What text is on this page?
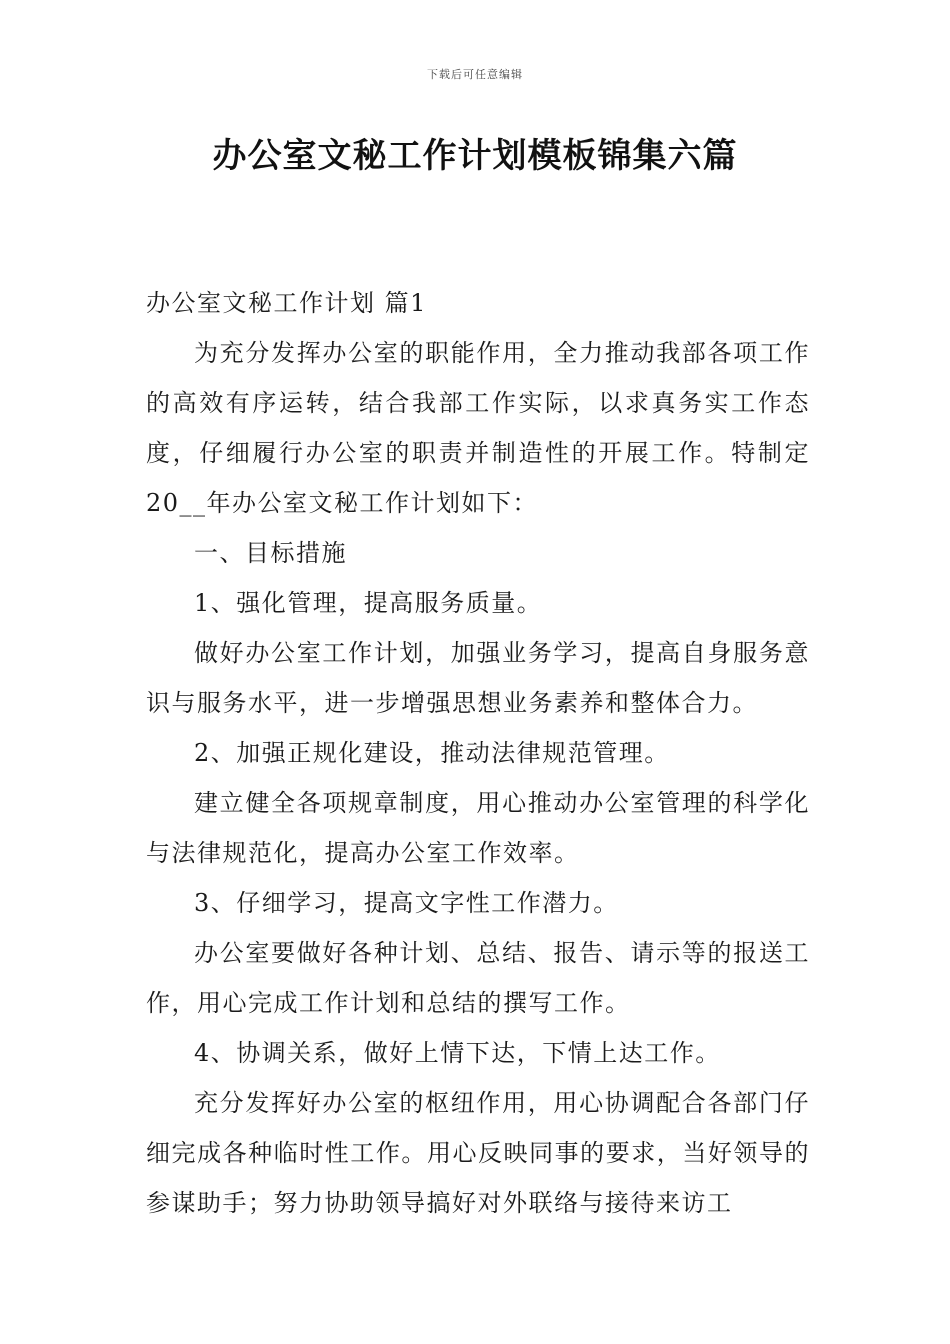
下载后可任意编辑
办公室文秘工作计划模板锦集六篇

办公室文秘工作计划 篇1

为充分发挥办公室的职能作用，全力推动我部各项工作的高效有序运转，结合我部工作实际，以求真务实工作态度，仔细履行办公室的职责并制造性的开展工作。特制定20__年办公室文秘工作计划如下：

一、目标措施

1、强化管理，提高服务质量。

做好办公室工作计划，加强业务学习，提高自身服务意识与服务水平，进一步增强思想业务素养和整体合力。

2、加强正规化建设，推动法律规范管理。

建立健全各项规章制度，用心推动办公室管理的科学化与法律规范化，提高办公室工作效率。

3、仔细学习，提高文字性工作潜力。

办公室要做好各种计划、总结、报告、请示等的报送工作，用心完成工作计划和总结的撰写工作。

4、协调关系，做好上情下达，下情上达工作。

充分发挥好办公室的枢纽作用，用心协调配合各部门仔细完成各种临时性工作。用心反映同事的要求，当好领导的参谋助手；努力协助领导搞好对外联络与接待来访工
